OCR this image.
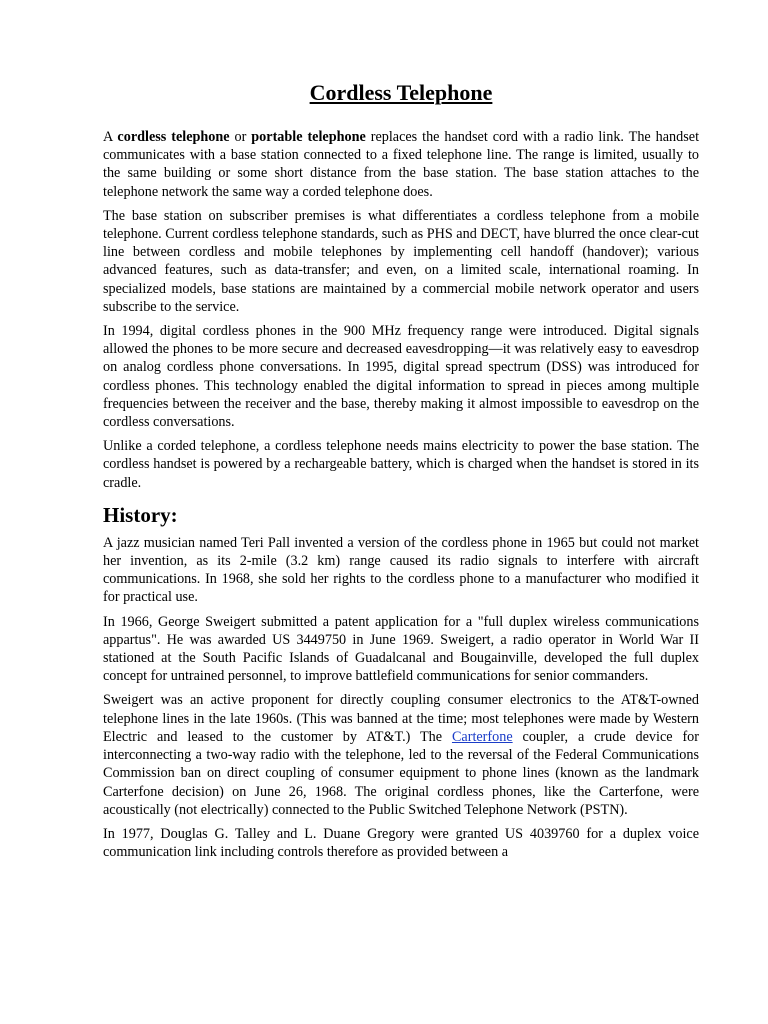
Cordless Telephone

A cordless telephone or portable telephone replaces the handset cord with a radio link. The handset communicates with a base station connected to a fixed telephone line. The range is limited, usually to the same building or some short distance from the base station. The base station attaches to the telephone network the same way a corded telephone does.

The base station on subscriber premises is what differentiates a cordless telephone from a mobile telephone. Current cordless telephone standards, such as PHS and DECT, have blurred the once clear-cut line between cordless and mobile telephones by implementing cell handoff (handover); various advanced features, such as data-transfer; and even, on a limited scale, international roaming. In specialized models, base stations are maintained by a commercial mobile network operator and users subscribe to the service.

In 1994, digital cordless phones in the 900 MHz frequency range were introduced. Digital signals allowed the phones to be more secure and decreased eavesdropping—it was relatively easy to eavesdrop on analog cordless phone conversations. In 1995, digital spread spectrum (DSS) was introduced for cordless phones. This technology enabled the digital information to spread in pieces among multiple frequencies between the receiver and the base, thereby making it almost impossible to eavesdrop on the cordless conversations.

Unlike a corded telephone, a cordless telephone needs mains electricity to power the base station. The cordless handset is powered by a rechargeable battery, which is charged when the handset is stored in its cradle.

History:

A jazz musician named Teri Pall invented a version of the cordless phone in 1965 but could not market her invention, as its 2-mile (3.2 km) range caused its radio signals to interfere with aircraft communications. In 1968, she sold her rights to the cordless phone to a manufacturer who modified it for practical use.

In 1966, George Sweigert submitted a patent application for a "full duplex wireless communications appartus". He was awarded US 3449750 in June 1969. Sweigert, a radio operator in World War II stationed at the South Pacific Islands of Guadalcanal and Bougainville, developed the full duplex concept for untrained personnel, to improve battlefield communications for senior commanders.

Sweigert was an active proponent for directly coupling consumer electronics to the AT&T-owned telephone lines in the late 1960s. (This was banned at the time; most telephones were made by Western Electric and leased to the customer by AT&T.) The Carterfone coupler, a crude device for interconnecting a two-way radio with the telephone, led to the reversal of the Federal Communications Commission ban on direct coupling of consumer equipment to phone lines (known as the landmark Carterfone decision) on June 26, 1968. The original cordless phones, like the Carterfone, were acoustically (not electrically) connected to the Public Switched Telephone Network (PSTN).

In 1977, Douglas G. Talley and L. Duane Gregory were granted US 4039760 for a duplex voice communication link including controls therefore as provided between a
